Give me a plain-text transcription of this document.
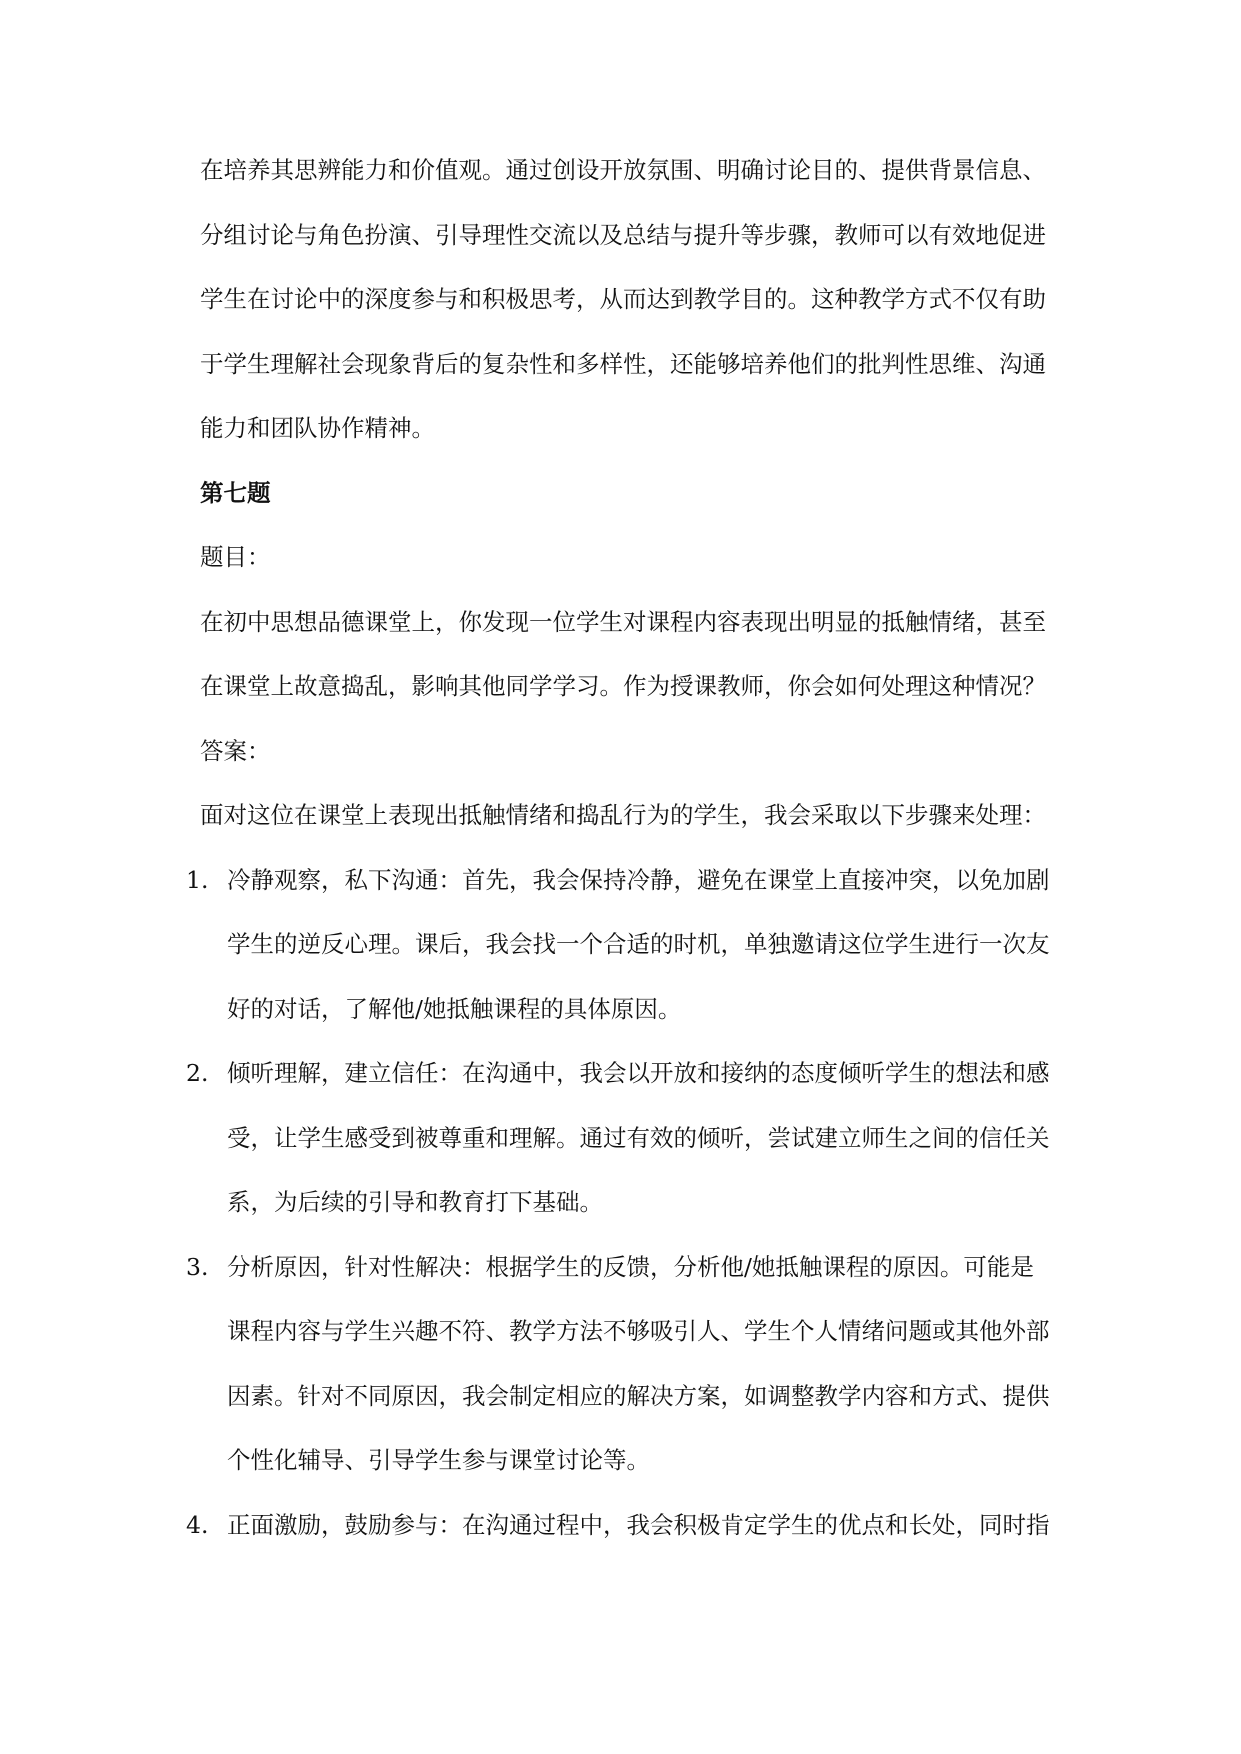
在培养其思辨能力和价值观。通过创设开放氛围、明确讨论目的、提供背景信息、

分组讨论与角色扮演、引导理性交流以及总结与提升等步骤，教师可以有效地促进

学生在讨论中的深度参与和积极思考，从而达到教学目的。这种教学方式不仅有助

于学生理解社会现象背后的复杂性和多样性，还能够培养他们的批判性思维、沟通

能力和团队协作精神。

第七题

题目：

在初中思想品德课堂上，你发现一位学生对课程内容表现出明显的抵触情绪，甚至

在课堂上故意捣乱，影响其他同学学习。作为授课教师，你会如何处理这种情况？

答案：

面对这位在课堂上表现出抵触情绪和捣乱行为的学生，我会采取以下步骤来处理：

1. 冷静观察，私下沟通：首先，我会保持冷静，避免在课堂上直接冲突，以免加剧
学生的逆反心理。课后，我会找一个合适的时机，单独邀请这位学生进行一次友
好的对话，了解他/她抵触课程的具体原因。
2. 倾听理解，建立信任：在沟通中，我会以开放和接纳的态度倾听学生的想法和感
受，让学生感受到被尊重和理解。通过有效的倾听，尝试建立师生之间的信任关
系，为后续的引导和教育打下基础。
3. 分析原因，针对性解决：根据学生的反馈，分析他/她抵触课程的原因。可能是
课程内容与学生兴趣不符、教学方法不够吸引人、学生个人情绪问题或其他外部
因素。针对不同原因，我会制定相应的解决方案，如调整教学内容和方式、提供
个性化辅导、引导学生参与课堂讨论等。
4. 正面激励，鼓励参与：在沟通过程中，我会积极肯定学生的优点和长处，同时指
